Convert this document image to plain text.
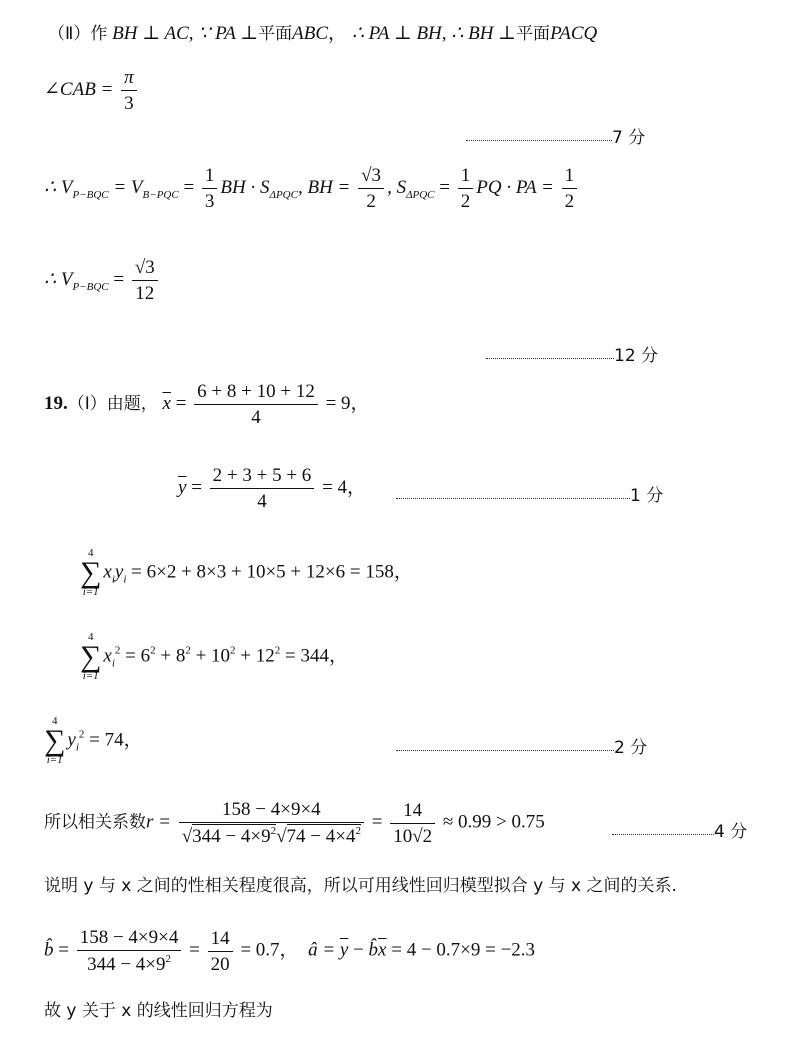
（Ⅱ）作 BH ⊥ AC, ∵ PA ⊥平面ABC， ∴ PA ⊥ BH, ∴ BH ⊥平面PACQ
∠CAB = $\frac{\pi}{3}$
7 分
∴ $V_{P-BQC} = V_{B-PQC} = \frac{1}{3}$ BH · $S_{\Delta PQC}$, BH = $\frac{√3}{2}$ , $S_{\Delta PQC} = \frac{1}{2}$ PQ · PA = $\frac{1}{2}$
∴ $V_{P-BQC} = \frac{√3}{12}$
12 分
19.（Ⅰ）由题， $\overline{x} = \frac{6 + 8 + 10 + 12}{4} = 9$，
$\overline{y} = \frac{2 + 3 + 5 + 6}{4} = 4$，	1 分
4
∑
i=1
$x_iy_i = 6\times 2 + 8\times 3 + 10\times 5 + 12\times 6 = 158$，
4
∑
i=1
$x_i^2 = 6^2 + 8^2 + 10^2 + 12^2 = 344$，
4
∑
i=1
$y_i^2 = 74$，	2 分
所以相关系数$r = \frac{158 - 4\times 9\times 4}{√344 - 4\times 9^2√74 - 4\times 4^2} = \frac{14}{10√2} \approx 0.99 > 0.75$	4 分
说明 y 与 x 之间的性相关程度很高，所以可用线性回归模型拟合 y 与 x 之间的关系.
b̂ = $\frac{158 - 4\times 9\times 4}{344 - 4\times 9^2} = \frac{14}{20} = 0.7$， â = $\overline{y}$ − $b̂\overline{x} = 4 - 0.7\times 9 = -2.3$
故 y 关于 x 的线性回归方程为
